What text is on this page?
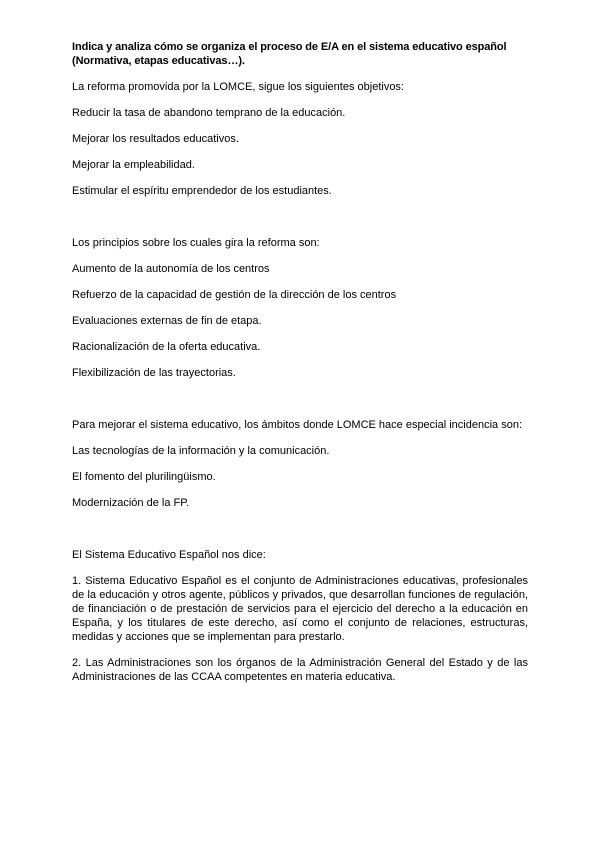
Indica y analiza cómo se organiza el proceso de E/A en el sistema educativo español (Normativa, etapas educativas…).
La reforma promovida por la LOMCE, sigue los siguientes objetivos:
Reducir la tasa de abandono temprano de la educación.
Mejorar los resultados educativos.
Mejorar la empleabilidad.
Estimular el espíritu emprendedor de los estudiantes.
Los principios sobre los cuales gira la reforma son:
Aumento de la autonomía de los centros
Refuerzo de la capacidad de gestión de la dirección de los centros
Evaluaciones externas de fin de etapa.
Racionalización de la oferta educativa.
Flexibilización de las trayectorias.
Para mejorar el sistema educativo, los ámbitos donde LOMCE hace especial incidencia son:
Las tecnologías de la información y la comunicación.
El fomento del plurilingüismo.
Modernización de la FP.
El Sistema Educativo Español nos dice:
1. Sistema Educativo Español es el conjunto de Administraciones educativas, profesionales de la educación y otros agente, públicos y privados, que desarrollan funciones de regulación, de financiación o de prestación de servicios para el ejercicio del derecho a la educación en España, y los titulares de este derecho, así como el conjunto de relaciones, estructuras, medidas y acciones que se implementan para prestarlo.
2. Las Administraciones son los órganos de la Administración General del Estado y de las Administraciones de las CCAA competentes en materia educativa.
